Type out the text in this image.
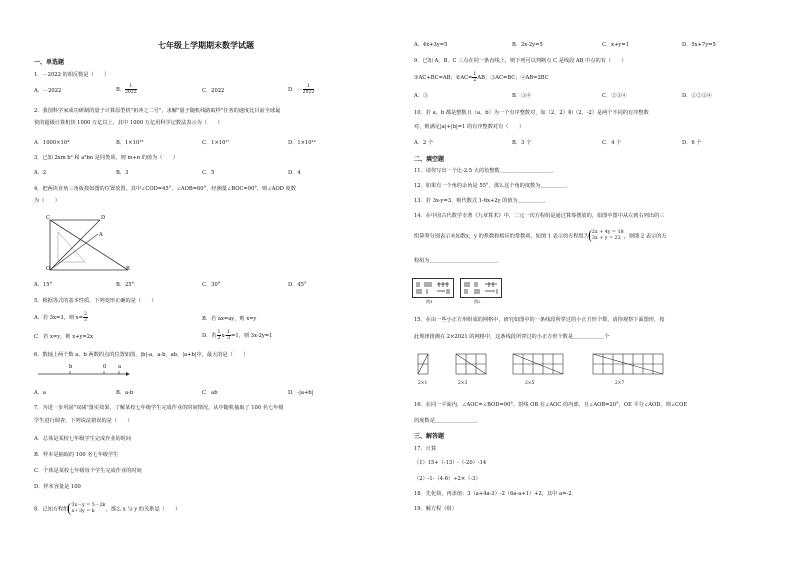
七年级上学期期末数学试题
一、单选题
1．－2022 的相反数是（　　）
A．－2022	B． $\frac{1}{2022}$	C．2022	D．－ $\frac{1}{2022}$
2．我国科学家成功研制的量子计算原型机"祖冲之二号"，求解"量子随机线路取样"任务的速度比目前全球最
快的超级计算机快 1000 万亿以上，其中 1000 万亿用科学记数法表示为（　　）
A．1000×10⁴	B．1×10¹⁵	C．1×10¹⁷	D．1×10¹²
3．已知 2xm b² 和 a²bn 是同类项，则 m+n 的值为（　　）
A．2	B．3	C．5	D．4
4．把两块直角三角板按如图的位置放置，其中∠COD=45°，∠AOB=60°，经测量∠BOC=90°，则∠AOD 度数
为（　　）
C	D
A
O	B
A．15°	B．25°	C．30°	D．45°
5．根据等式的基本性质，下列变形正确的是（　　）
A．若 3x=3，则 $x= \frac{2}{3}$	B．若 ax=ay，则 x=y
C．若 x=y，则 x+y=2x	D．若 $\frac{1}{2} x- \frac{1}{3} =1$，则 3x-2y=1
6．数轴上两个数 a、b 两数的点的位置如图，|b|-a，a-b，ab，|a+b|中，最大的是（　　）
b	0 a
A．a	B．a-b	C．ab	D．-|a+b|
7．为进一步巩固"双减"落实效果，了解某校七年级学生完成作业的时间情况，从中随机抽取了 100 名七年级
学生进行调查，下列说法错误的是（　　）
A．总体是某校七年级学生完成作业的时间
B．样本是抽取的 100 名七年级学生
C．个体是某校七年级每个学生完成作业的时间
D．样本容量是 100
8．已知方程组
3x－y = 5－2k
x＋3y = k	，那么 x 与 y 的关系是（　　）
A．4x+3y=5	B．2x-2y=5	C．x+y=1	D．5x+7y=5
9．已知 A，B，C 三点在同一条直线上，则下列可以判断点 C 是线段 AB 中点的有（　　）
①AC+BC=AB；②AC= $\frac{1}{2}$ AB；③AC=BC；④AB=2BC
A．③	B．③④	C．②③④	D．①②③④
10．若 a，b 都是整数且（a，b）为一个有序整数对，如（2，2）和（2，-2）是两个不同的有序整数
对，则满足|a|+|b|=1 的有序整数对有（　　）
A．2 个	B．3 个	C．4 个	D．6 个
二、填空题
11．请你写出一个比-2.5 大的负整数＿＿＿＿＿＿＿＿＿＿．
12．如果有一个角的余角是 55°，那么这个角的度数为＿＿＿＿＿．
13．若 3x-y=3，则代数式 1-6x+2y 的值为＿＿＿＿＿．
14．在中国古代数学专著《九章算术》中，二元一次方程组是通过算筹摆放的，如图中图中从左到右列出的三
组算筹分别表示未知数x，y 的系数和相应的常数项，如图 1 表示的方程组为
2x + 4y = 18
3x + y = 23 ，则图 2 表示的方
程组为＿＿＿＿＿＿＿＿＿＿＿＿＿．
图1	图2
15．在由一些小正方形组成的网格中，研究如图中的一条线段所穿过的小正方形个数，请你观察下面图形，按
此规律推测在 2×2021 的网格中，这条线段所穿过的小正方形个数是＿＿＿＿＿＿个
2×1	2×3	2×5	2×7
16．在同一平面内，∠AOC=∠BOD=90°，射线 OB 在∠AOC 的内部，且∠AOB=20°，OE 平分∠AOD，则∠COE
的度数是＿＿＿＿＿＿＿＿．
三、解答题
17．计算
（1）15+（-13）-（-20）-14
（2）-1-（4-6）÷2×（-3）
18．先化简，再求值：3（a+4a-3）-2（6a-a+1）+2，其中 a=-2．
19．解方程（组）
